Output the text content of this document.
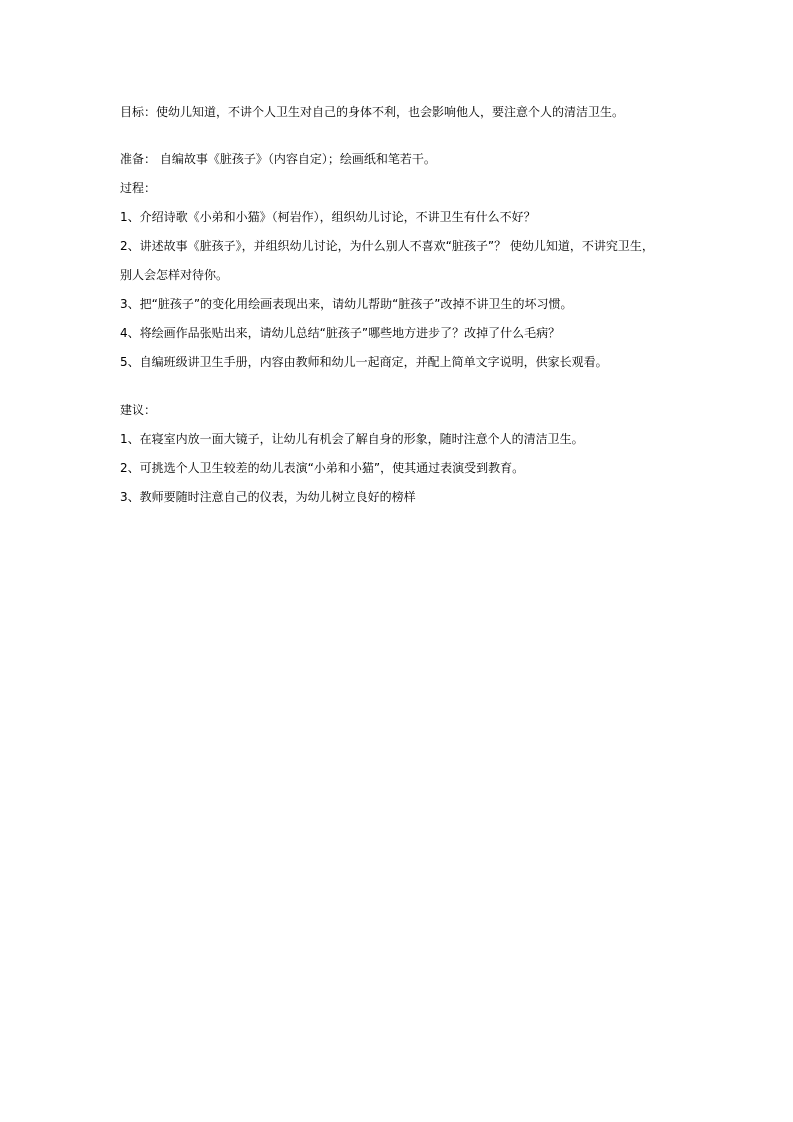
目标：使幼儿知道，不讲个人卫生对自己的身体不利，也会影响他人，要注意个人的清洁卫生。
准备： 自编故事《脏孩子》（内容自定）；绘画纸和笔若干。
过程：
1、介绍诗歌《小弟和小猫》（柯岩作），组织幼儿讨论，不讲卫生有什么不好？
2、讲述故事《脏孩子》，并组织幼儿讨论，为什么别人不喜欢“脏孩子”？ 使幼儿知道，不讲究卫生，
别人会怎样对待你。
3、把“脏孩子”的变化用绘画表现出来，请幼儿帮助“脏孩子”改掉不讲卫生的坏习惯。
4、将绘画作品张贴出来，请幼儿总结“脏孩子”哪些地方进步了？改掉了什么毛病？
5、自编班级讲卫生手册，内容由教师和幼儿一起商定，并配上简单文字说明，供家长观看。
建议：
1、在寝室内放一面大镜子，让幼儿有机会了解自身的形象，随时注意个人的清洁卫生。
2、可挑选个人卫生较差的幼儿表演“小弟和小猫”，使其通过表演受到教育。
3、教师要随时注意自己的仪表，为幼儿树立良好的榜样
